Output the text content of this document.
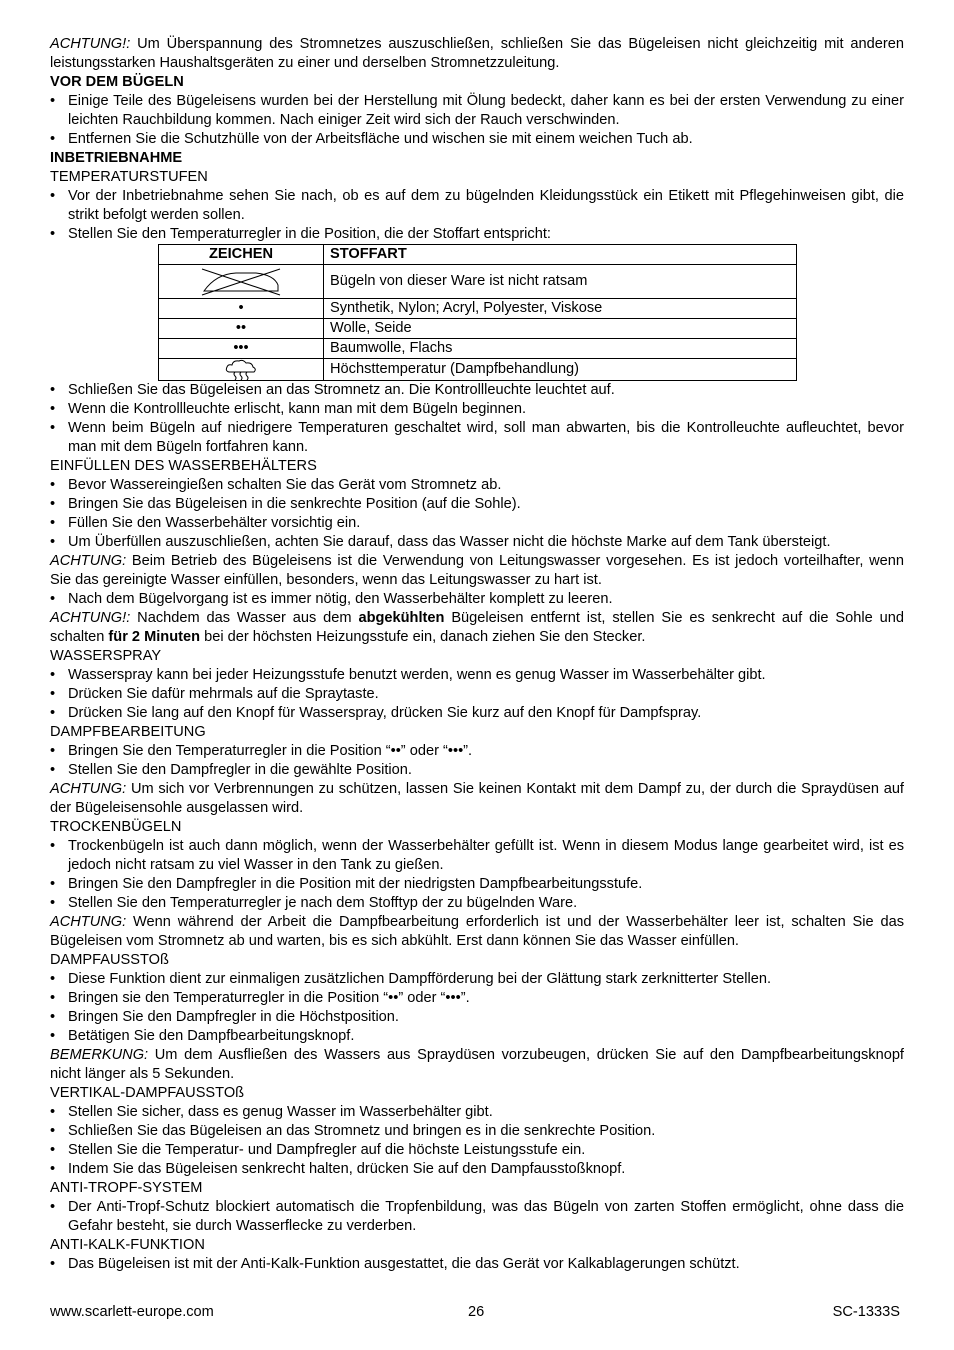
ACHTUNG!: Um Überspannung des Stromnetzes auszuschließen, schließen Sie das Bügeleisen nicht gleichzeitig mit anderen leistungsstarken Haushaltsgeräten zu einer und derselben Stromnetzzuleitung.
VOR DEM BÜGELN
• Einige Teile des Bügeleisens wurden bei der Herstellung mit Ölung bedeckt, daher kann es bei der ersten Verwendung zu einer leichten Rauchbildung kommen. Nach einiger Zeit wird sich der Rauch verschwinden.
• Entfernen Sie die Schutzhülle von der Arbeitsfläche und wischen sie mit einem weichen Tuch ab.
INBETRIEBNAHME
TEMPERATURSTUFEN
• Vor der Inbetriebnahme sehen Sie nach, ob es auf dem zu bügelnden Kleidungsstück ein Etikett mit Pflegehinweisen gibt, die strikt befolgt werden sollen.
• Stellen Sie den Temperaturregler in die Position, die der Stoffart entspricht:
ZEICHEN	STOFFART

	Bügeln von dieser Ware ist nicht ratsam
•	Synthetik, Nylon; Acryl, Polyester, Viskose
••	Wolle, Seide
•••	Baumwolle, Flachs

	Höchsttemperatur (Dampfbehandlung)
• Schließen Sie das Bügeleisen an das Stromnetz an. Die Kontrollleuchte leuchtet auf.
• Wenn die Kontrollleuchte erlischt, kann man mit dem Bügeln beginnen.
• Wenn beim Bügeln auf niedrigere Temperaturen geschaltet wird, soll man abwarten, bis die Kontrolleuchte aufleuchtet, bevor man mit dem Bügeln fortfahren kann.
EINFÜLLEN DES WASSERBEHÄLTERS
• Bevor Wassereingießen schalten Sie das Gerät vom Stromnetz ab.
• Bringen Sie das Bügeleisen in die senkrechte Position (auf die Sohle).
• Füllen Sie den Wasserbehälter vorsichtig ein.
• Um Überfüllen auszuschließen, achten Sie darauf, dass das Wasser nicht die höchste Marke auf dem Tank übersteigt.
ACHTUNG: Beim Betrieb des Bügeleisens ist die Verwendung von Leitungswasser vorgesehen. Es ist jedoch vorteilhafter, wenn Sie das gereinigte Wasser einfüllen, besonders, wenn das Leitungswasser zu hart ist.
• Nach dem Bügelvorgang ist es immer nötig, den Wasserbehälter komplett zu leeren.
ACHTUNG!: Nachdem das Wasser aus dem abgekühlten Bügeleisen entfernt ist, stellen Sie es senkrecht auf die Sohle und schalten für 2 Minuten bei der höchsten Heizungsstufe ein, danach ziehen Sie den Stecker.
WASSERSPRAY
• Wasserspray kann bei jeder Heizungsstufe benutzt werden, wenn es genug Wasser im Wasserbehälter gibt.
• Drücken Sie dafür mehrmals auf die Spraytaste.
• Drücken Sie lang auf den Knopf für Wasserspray, drücken Sie kurz auf den Knopf für Dampfspray.
DAMPFBEARBEITUNG
• Bringen Sie den Temperaturregler in die Position “••” oder “•••”.
• Stellen Sie den Dampfregler in die gewählte Position.
ACHTUNG: Um sich vor Verbrennungen zu schützen, lassen Sie keinen Kontakt mit dem Dampf zu, der durch die Spraydüsen auf der Bügeleisensohle ausgelassen wird.
TROCKENBÜGELN
• Trockenbügeln ist auch dann möglich, wenn der Wasserbehälter gefüllt ist. Wenn in diesem Modus lange gearbeitet wird, ist es jedoch nicht ratsam zu viel Wasser in den Tank zu gießen.
• Bringen Sie den Dampfregler in die Position mit der niedrigsten Dampfbearbeitungsstufe.
• Stellen Sie den Temperaturregler je nach dem Stofftyp der zu bügelnden Ware.
ACHTUNG: Wenn während der Arbeit die Dampfbearbeitung erforderlich ist und der Wasserbehälter leer ist, schalten Sie das Bügeleisen vom Stromnetz ab und warten, bis es sich abkühlt. Erst dann können Sie das Wasser einfüllen.
DAMPFAUSSTOß
• Diese Funktion dient zur einmaligen zusätzlichen Dampfförderung bei der Glättung stark zerknitterter Stellen.
• Bringen sie den Temperaturregler in die Position “••” oder “•••”.
• Bringen Sie den Dampfregler in die Höchstposition.
• Betätigen Sie den Dampfbearbeitungsknopf.
BEMERKUNG: Um dem Ausfließen des Wassers aus Spraydüsen vorzubeugen, drücken Sie auf den Dampfbearbeitungsknopf nicht länger als 5 Sekunden.
VERTIKAL-DAMPFAUSSTOß
• Stellen Sie sicher, dass es genug Wasser im Wasserbehälter gibt.
• Schließen Sie das Bügeleisen an das Stromnetz und bringen es in die senkrechte Position.
• Stellen Sie die Temperatur- und Dampfregler auf die höchste Leistungsstufe ein.
• Indem Sie das Bügeleisen senkrecht halten, drücken Sie auf den Dampfausstoßknopf.
ANTI-TROPF-SYSTEM
• Der Anti-Tropf-Schutz blockiert automatisch die Tropfenbildung, was das Bügeln von zarten Stoffen ermöglicht, ohne dass die Gefahr besteht, sie durch Wasserflecke zu verderben.
ANTI-KALK-FUNKTION
• Das Bügeleisen ist mit der Anti-Kalk-Funktion ausgestattet, die das Gerät vor Kalkablagerungen schützt.
www.scarlett-europe.com	26	SC-1333S
